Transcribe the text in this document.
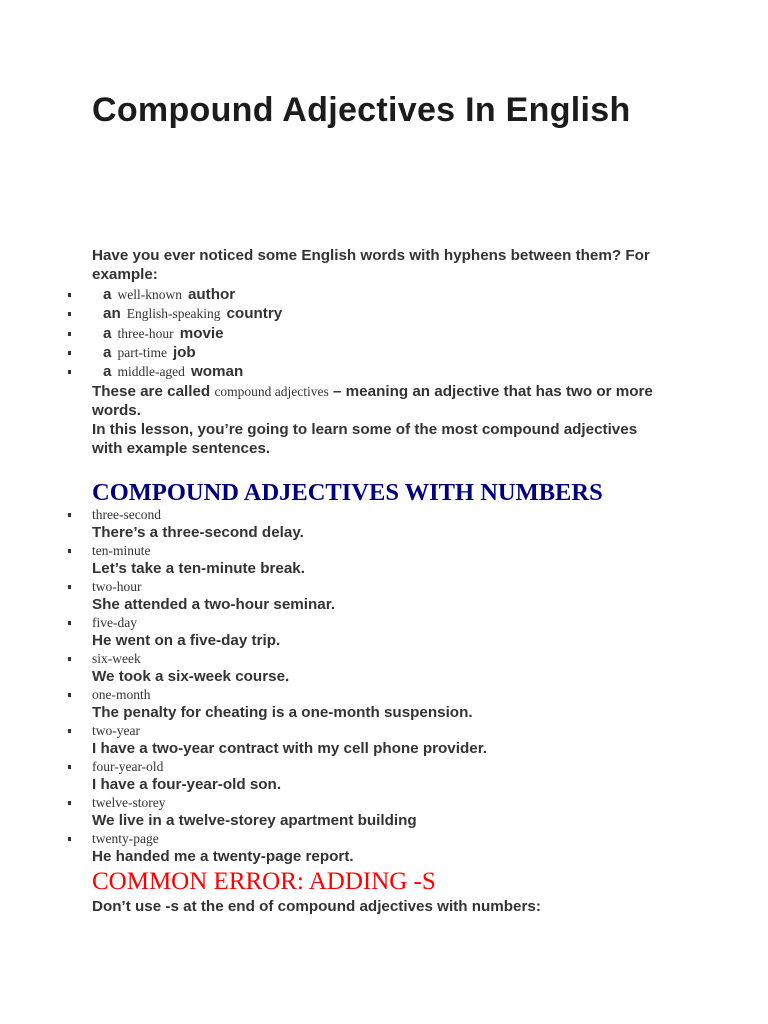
Compound Adjectives In English

Have you ever noticed some English words with hyphens between them? For example:

a well-known author
an English-speaking country
a three-hour movie
a part-time job
a middle-aged woman

These are called compound adjectives – meaning an adjective that has two or more words.

In this lesson, you’re going to learn some of the most compound adjectives with example sentences.

COMPOUND ADJECTIVES WITH NUMBERS
three-second
There’s a three-second delay.
ten-minute
Let’s take a ten-minute break.
two-hour
She attended a two-hour seminar.
five-day
He went on a five-day trip.
six-week
We took a six-week course.
one-month
The penalty for cheating is a one-month suspension.
two-year
I have a two-year contract with my cell phone provider.
four-year-old
I have a four-year-old son.
twelve-storey
We live in a twelve-storey apartment building
twenty-page
He handed me a twenty-page report.
COMMON ERROR: ADDING -S

Don’t use -s at the end of compound adjectives with numbers:
